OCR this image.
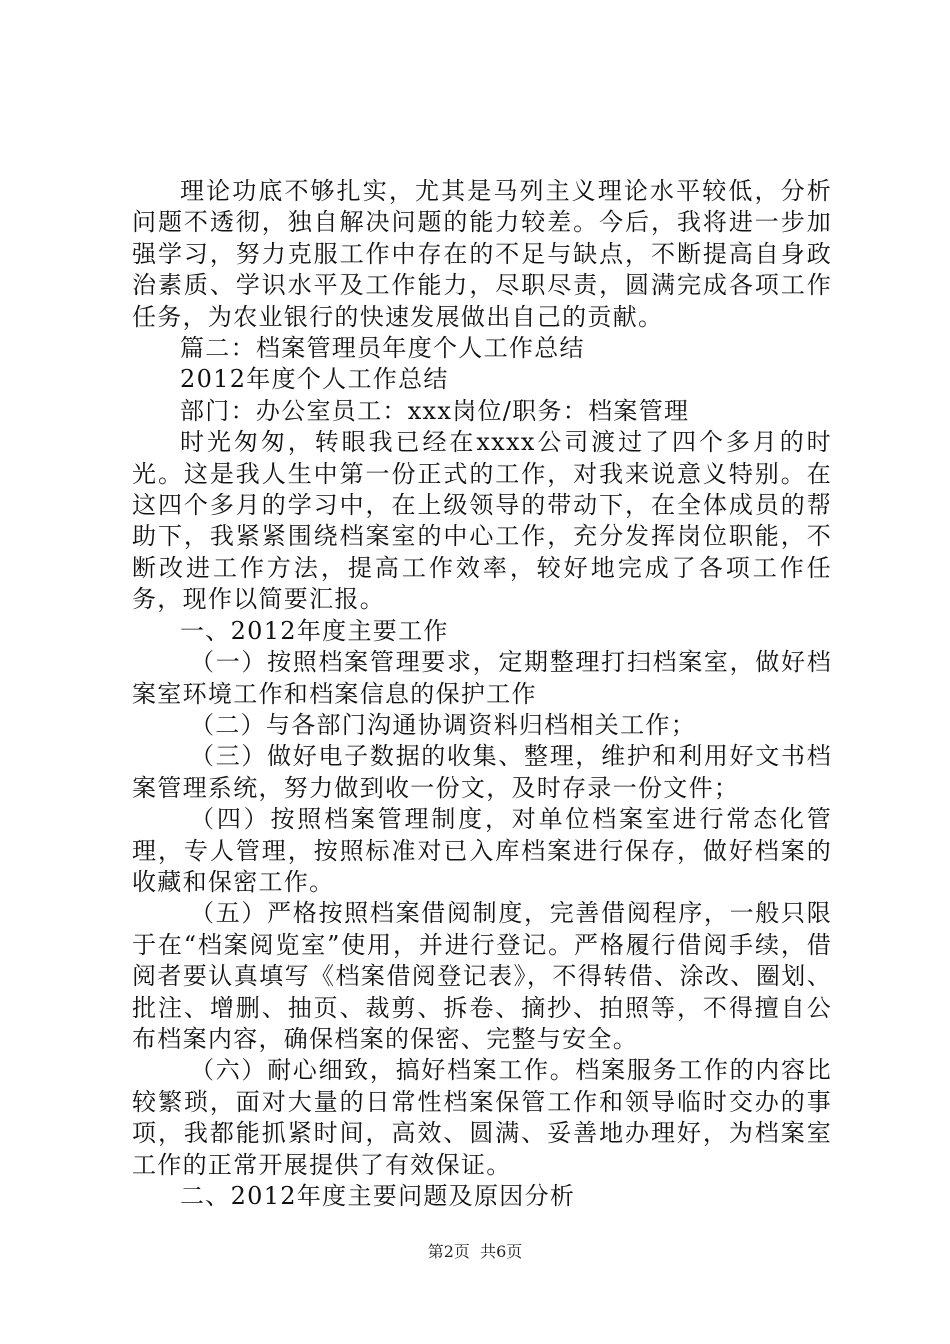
理论功底不够扎实，尤其是马列主义理论水平较低，分析问题不透彻，独自解决问题的能力较差。今后，我将进一步加强学习，努力克服工作中存在的不足与缺点，不断提高自身政治素质、学识水平及工作能力，尽职尽责，圆满完成各项工作任务，为农业银行的快速发展做出自己的贡献。

篇二：档案管理员年度个人工作总结

2012年度个人工作总结

部门：办公室员工：xxx岗位/职务：档案管理

时光匆匆，转眼我已经在xxxx公司渡过了四个多月的时光。这是我人生中第一份正式的工作，对我来说意义特别。在这四个多月的学习中，在上级领导的带动下，在全体成员的帮助下，我紧紧围绕档案室的中心工作，充分发挥岗位职能，不断改进工作方法，提高工作效率，较好地完成了各项工作任务，现作以简要汇报。

一、2012年度主要工作

（一）按照档案管理要求，定期整理打扫档案室，做好档案室环境工作和档案信息的保护工作

（二）与各部门沟通协调资料归档相关工作；

（三）做好电子数据的收集、整理，维护和利用好文书档案管理系统，努力做到收一份文，及时存录一份文件；

（四）按照档案管理制度，对单位档案室进行常态化管理，专人管理，按照标准对已入库档案进行保存，做好档案的收藏和保密工作。

（五）严格按照档案借阅制度，完善借阅程序，一般只限于在“档案阅览室”使用，并进行登记。严格履行借阅手续，借阅者要认真填写《档案借阅登记表》，不得转借、涂改、圈划、批注、增删、抽页、裁剪、拆卷、摘抄、拍照等，不得擅自公布档案内容，确保档案的保密、完整与安全。

（六）耐心细致，搞好档案工作。档案服务工作的内容比较繁琐，面对大量的日常性档案保管工作和领导临时交办的事项，我都能抓紧时间，高效、圆满、妥善地办理好，为档案室工作的正常开展提供了有效保证。

二、2012年度主要问题及原因分析

第2页 共6页
